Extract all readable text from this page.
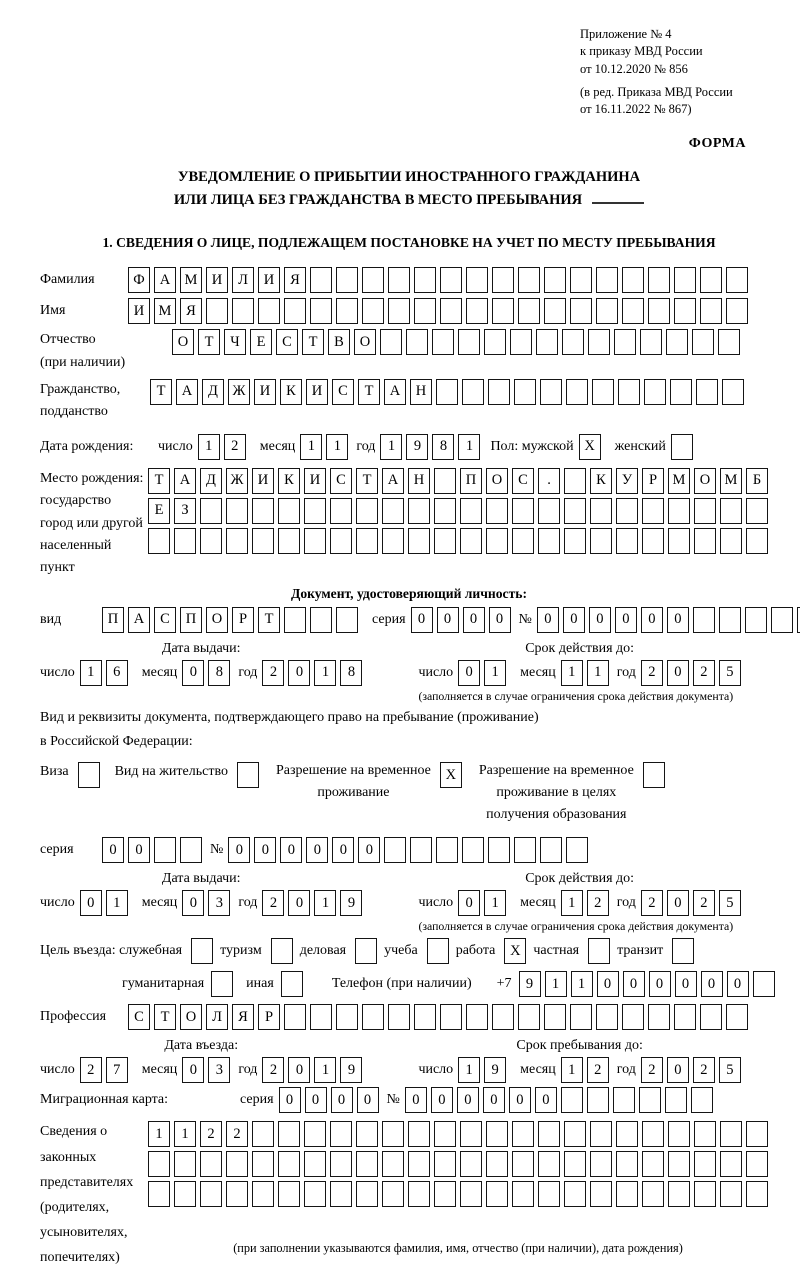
Приложение № 4
к приказу МВД России
от 10.12.2020 № 856
(в ред. Приказа МВД России
от 16.11.2022 № 867)
ФОРМА
УВЕДОМЛЕНИЕ О ПРИБЫТИИ ИНОСТРАННОГО ГРАЖДАНИНА
ИЛИ ЛИЦА БЕЗ ГРАЖДАНСТВА В МЕСТО ПРЕБЫВАНИЯ
1. СВЕДЕНИЯ О ЛИЦЕ, ПОДЛЕЖАЩЕМ ПОСТАНОВКЕ НА УЧЕТ ПО МЕСТУ ПРЕБЫВАНИЯ
Фамилия	Ф	А М И	Л	И	Я
Имя	И М	Я
Отчество
(при наличии)
О	Т	Ч	Е	С	Т	В	О
Гражданство,
подданство
Т	А	Д	Ж И	К	И	С	Т	А	Н
Дата рождения:	число 1	2	месяц 1	1	год 1	9	8	1	Пол: мужской X	женский
Место рождения:
государство
город или другой
населенный пункт
Т	А	Д	Ж И	К	И	С	Т	А	Н	П	О	С	.	К	У	Р	М О М	Б
Е	З
Документ, удостоверяющий личность:
вид	П	А	С	П	О	Р	Т	серия 0	0	0	0	№ 0	0	0	0	0	0
Дата выдачи:
число 1	6	месяц 0	8	год 2	0	1	8
Срок действия до:
число 0	1	месяц 1	1	год 2	0	2	5
(заполняется в случае ограничения срока действия документа)
Вид и реквизиты документа, подтверждающего право на пребывание (проживание)
в Российской Федерации:
Виза	Вид на жительство	Разрешение на временное
проживание
X	Разрешение на временное
проживание в целях
получения образования
серия	0	0	№ 0	0	0	0	0	0
Дата выдачи:
число 0	1	месяц 0	3	год 2	0	1	9
Срок действия до:
число 0	1	месяц 1	2	год 2	0	2	5
(заполняется в случае ограничения срока действия документа)
Цель въезда: служебная	туризм	деловая	учеба	работа	X частная	транзит
гуманитарная	иная	Телефон (при наличии) +7 9	1	1	0	0	0	0	0	0
Профессия	С	Т	О	Л	Я	Р
Дата въезда:
число 2	7	месяц 0	3	год 2	0	1	9
Срок пребывания до:
число 1	9	месяц 1	2	год 2	0	2	5
Миграционная карта:	серия 0	0	0	0	№ 0	0	0	0	0	0
Сведения о
законных
представителях
(родителях,
усыновителях,
попечителях)
1	1	2	2
(при заполнении указываются фамилия, имя, отчество (при наличии), дата рождения)
